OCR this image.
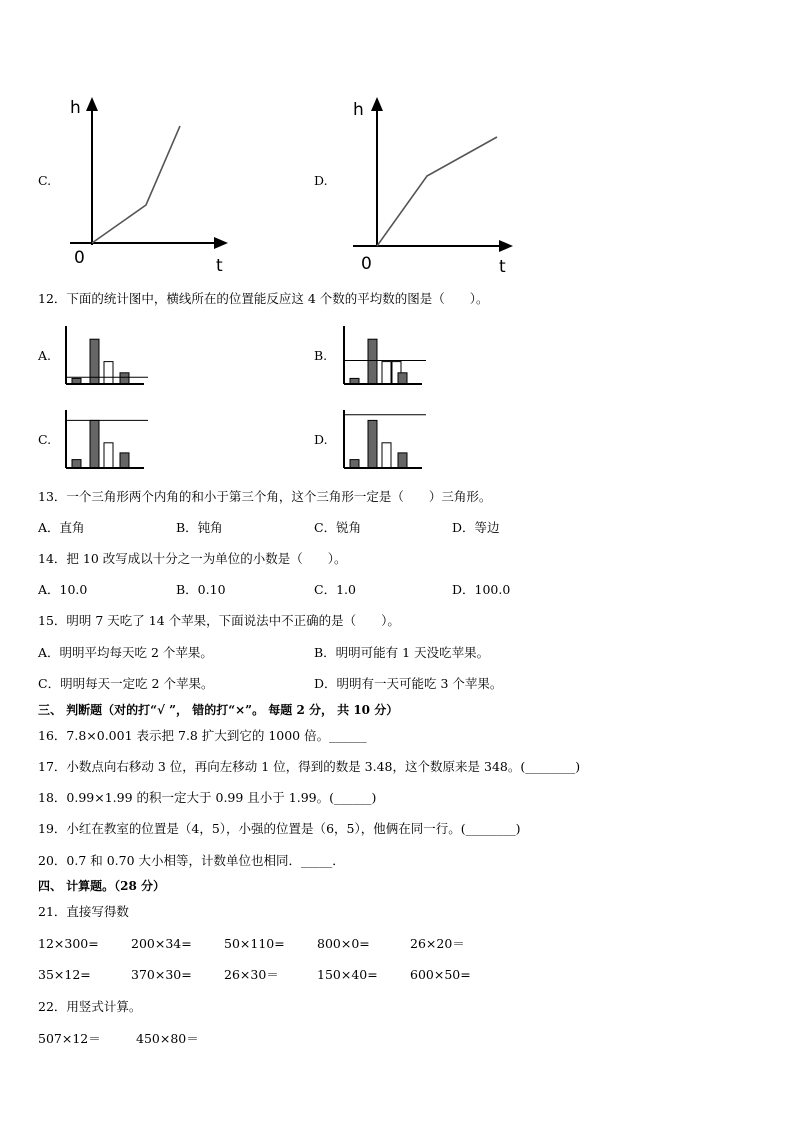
C.
h
t
0
D.
h
t
0
12．下面的统计图中，横线所在的位置能反应这 4 个数的平均数的图是（　　）。
A.	B.
C.	D.
13．一个三角形两个内角的和小于第三个角，这个三角形一定是（　　）三角形。
A．直角	B．钝角	C．锐角	D．等边
14．把 10 改写成以十分之一为单位的小数是（　　）。
A．10.0	B．0.10	C．1.0	D．100.0
15．明明 7 天吃了 14 个苹果，下面说法中不正确的是（　　）。
A．明明平均每天吃 2 个苹果。	B．明明可能有 1 天没吃苹果。
C．明明每天一定吃 2 个苹果。	D．明明有一天可能吃 3 个苹果。
三、 判断题（对的打“√ ”， 错的打“×”。 每题 2 分， 共 10 分）
16．7.8×0.001 表示把 7.8 扩大到它的 1000 倍。______
17．小数点向右移动 3 位，再向左移动 1 位，得到的数是 3.48，这个数原来是 348。(________)
18．0.99×1.99 的积一定大于 0.99 且小于 1.99。(______)
19．小红在教室的位置是（4，5），小强的位置是（6，5），他俩在同一行。(________)
20．0.7 和 0.70 大小相等，计数单位也相同．_____．
四、 计算题。（28 分）
21．直接写得数
12×300=	200×34=	50×110=	800×0=	26×20＝
35×12=	370×30=	26×30＝	150×40=	600×50=
22．用竖式计算。
507×12＝	450×80＝
